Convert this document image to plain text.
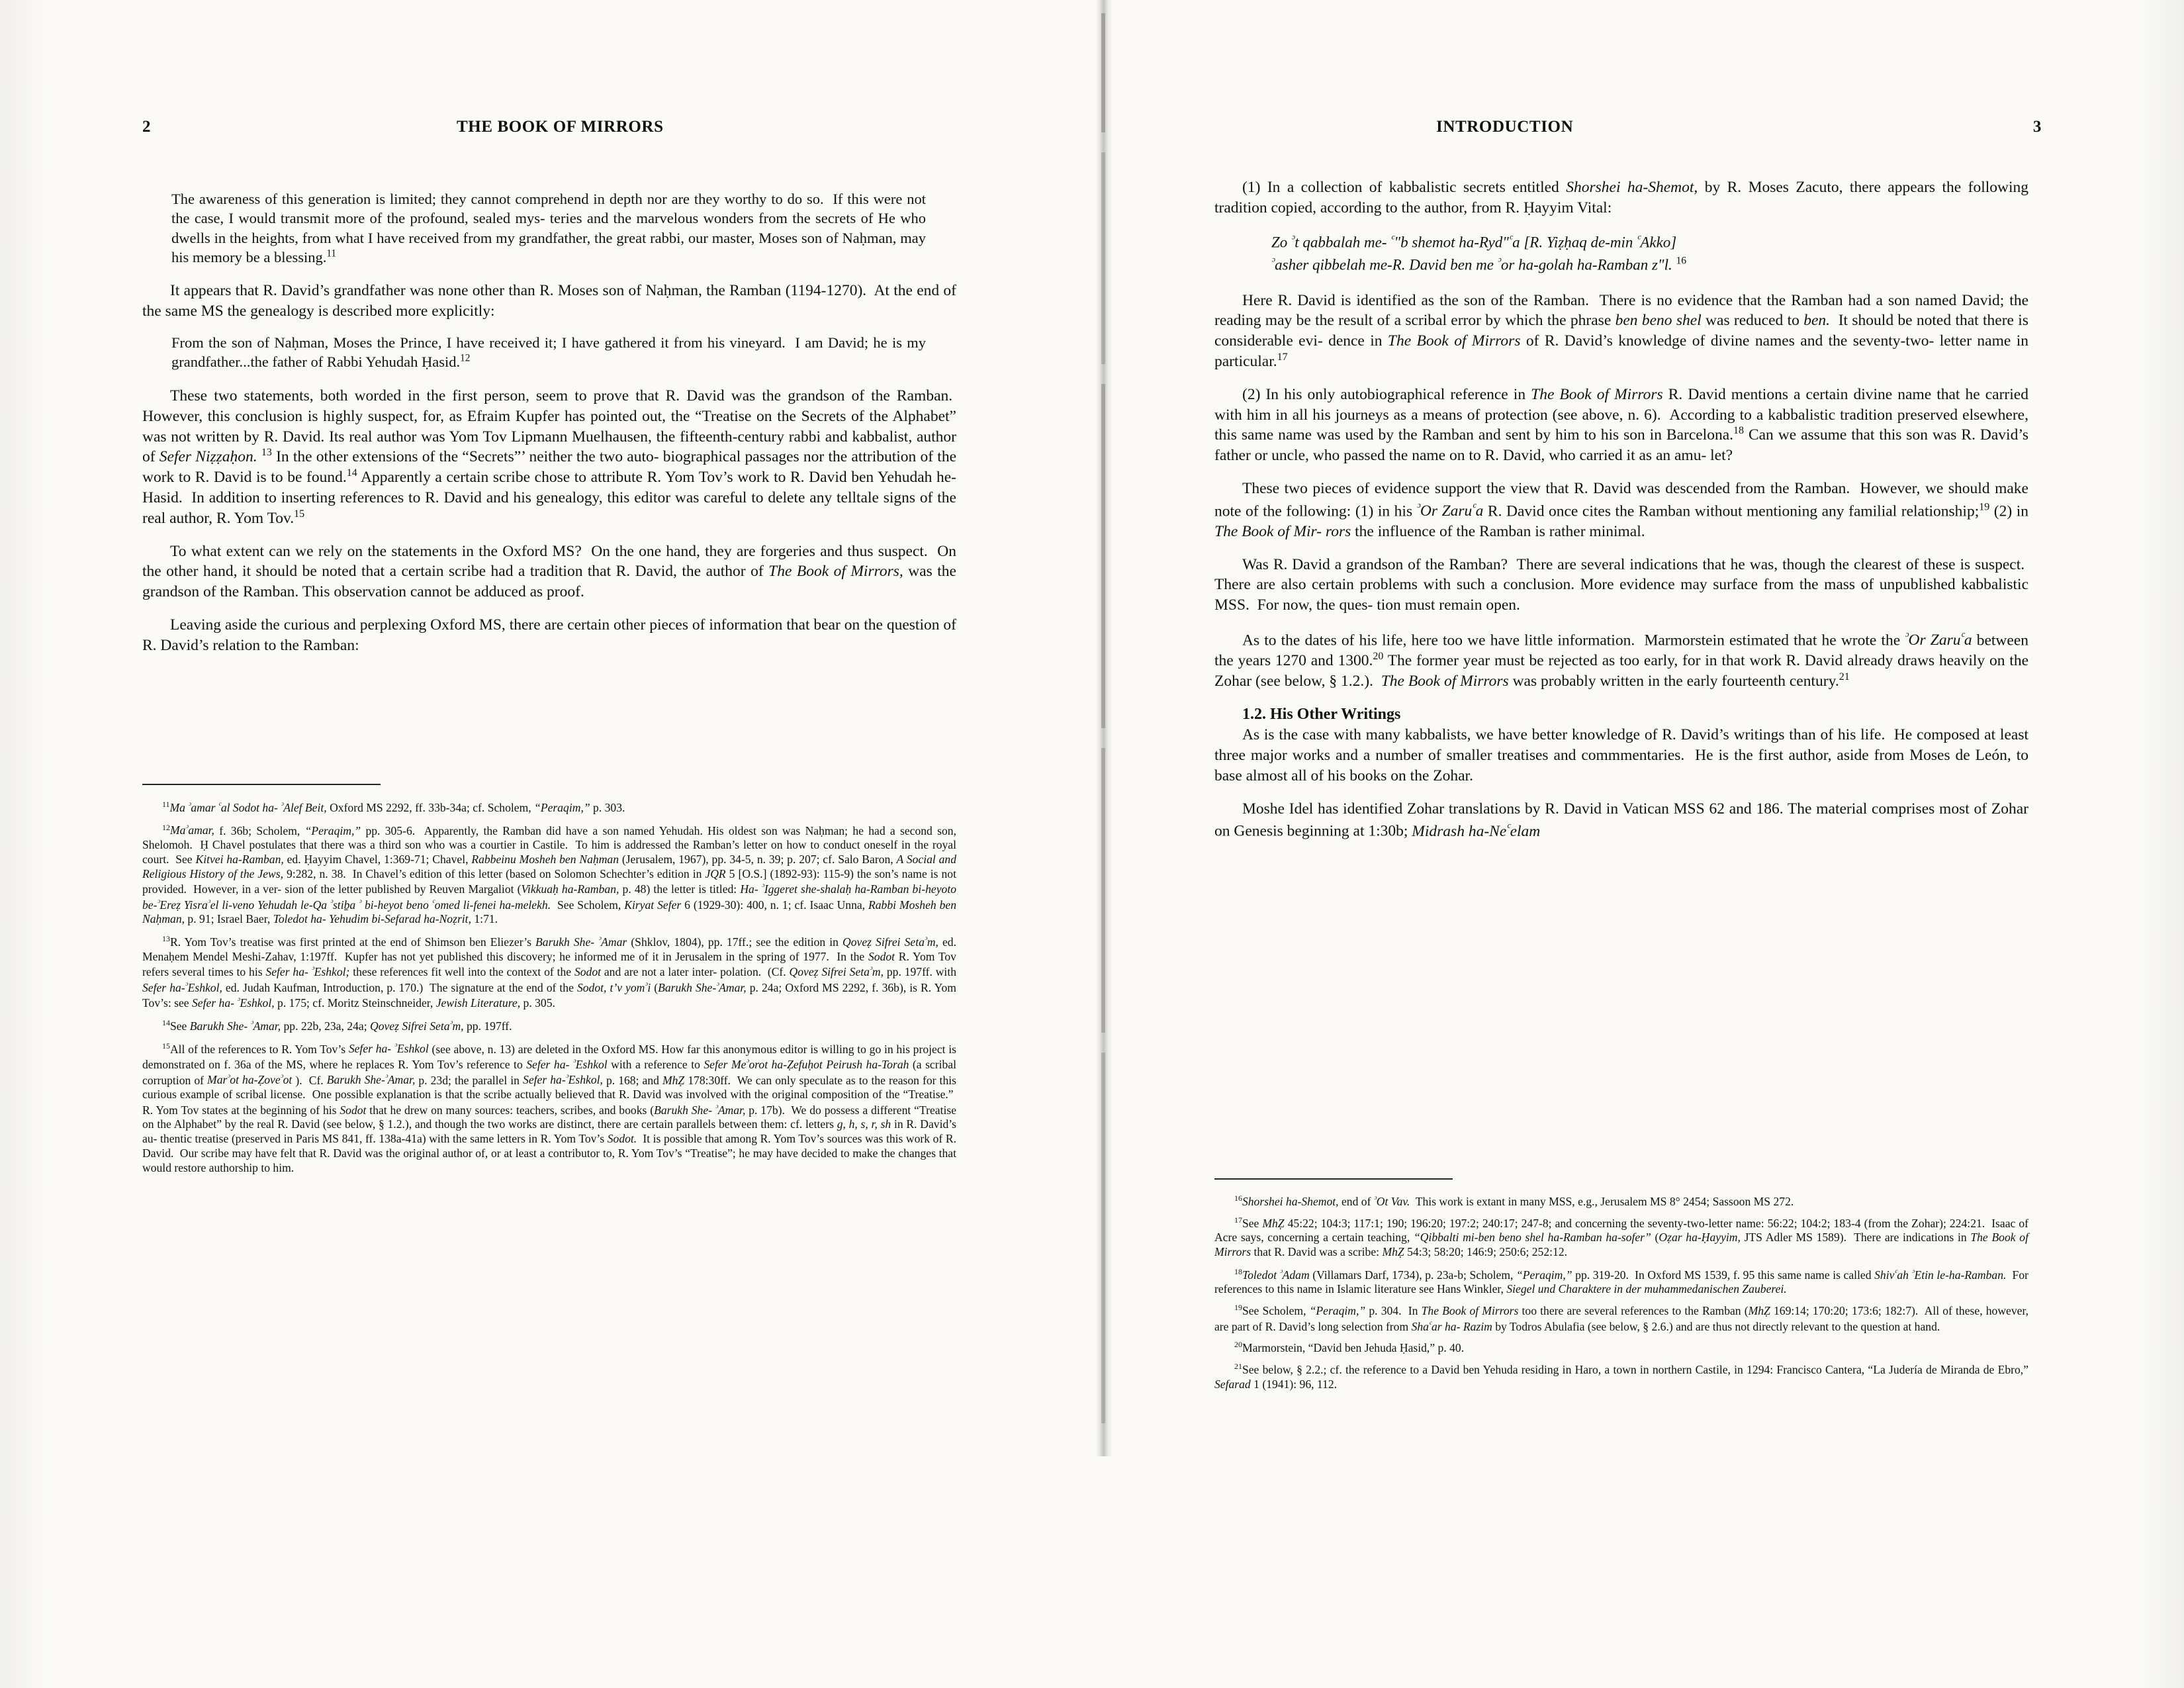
2	THE BOOK OF MIRRORS
The awareness of this generation is limited; they cannot comprehend in depth nor are they worthy to do so.  If this were not the case, I would transmit more of the profound, sealed mys- teries and the marvelous wonders from the secrets of He who dwells in the heights, from what I have received from my grandfather, the great rabbi, our master, Moses son of Naḥman, may his memory be a blessing.$^{11}$

It appears that R. David’s grandfather was none other than R. Moses son of Naḥman, the Ramban (1194-1270).  At the end of the same MS the genealogy is described more explicitly:

From the son of Naḥman, Moses the Prince, I have received it; I have gathered it from his vineyard.  I am David; he is my grandfather...the father of Rabbi Yehudah Ḥasid.$^{12}$

These two statements, both worded in the first person, seem to prove that R. David was the grandson of the Ramban.  However, this conclusion is highly suspect, for, as Efraim Kupfer has pointed out, the “Treatise on the Secrets of the Alphabet” was not written by R. David. Its real author was Yom Tov Lipmann Muelhausen, the fifteenth-century rabbi and kabbalist, author of Sefer Niẓẓaḥon. $^{13}$ In the other extensions of the “Secrets”’ neither the two auto- biographical passages nor the attribution of the work to R. David is to be found.$^{14}$ Apparently a certain scribe chose to attribute R. Yom Tov’s work to R. David ben Yehudah he-Hasid.  In addition to inserting references to R. David and his genealogy, this editor was careful to delete any telltale signs of the real author, R. Yom Tov.$^{15}$

To what extent can we rely on the statements in the Oxford MS?  On the one hand, they are forgeries and thus suspect.  On the other hand, it should be noted that a certain scribe had a tradition that R. David, the author of The Book of Mirrors, was the grandson of the Ramban. This observation cannot be adduced as proof.

Leaving aside the curious and perplexing Oxford MS, there are certain other pieces of information that bear on the question of R. David’s relation to the Ramban:

$^{11}$Ma ᵓamar ᶜal Sodot ha- ᵓAlef Beit, Oxford MS 2292, ff. 33b-34a; cf. Scholem, “Peraqim,” p. 303.

$^{12}$Maᵓamar, f. 36b; Scholem, “Peraqim,” pp. 305-6.  Apparently, the Ramban did have a son named Yehudah. His oldest son was Naḥman; he had a second son, Shelomoh.  Ḥ Chavel postulates that there was a third son who was a courtier in Castile.  To him is addressed the Ramban’s letter on how to conduct oneself in the royal court.  See Kitvei ha-Ramban, ed. Ḥayyim Chavel, 1:369-71; Chavel, Rabbeinu Mosheh ben Naḥman (Jerusalem, 1967), pp. 34-5, n. 39; p. 207; cf. Salo Baron, A Social and Religious History of the Jews, 9:282, n. 38.  In Chavel’s edition of this letter (based on Solomon Schechter’s edition in JQR 5 [O.S.] (1892-93): 115-9) the son’s name is not provided.  However, in a ver- sion of the letter published by Reuven Margaliot (Vikkuaḥ ha-Ramban, p. 48) the letter is titled: Ha- ᵓIggeret she-shalaḥ ha-Ramban bi-heyoto be-ᵓEreẓ Yisraᵓel li-veno Yehudah le-Qa ᵓstiḇa ᵓ bi-heyot beno ᶜomed li-fenei ha-melekh.  See Scholem, Kiryat Sefer 6 (1929-30): 400, n. 1; cf. Isaac Unna, Rabbi Mosheh ben Naḥman, p. 91; Israel Baer, Toledot ha- Yehudim bi-Sefarad ha-Noẓrit, 1:71.

$^{13}$R. Yom Tov’s treatise was first printed at the end of Shimson ben Eliezer’s Barukh She- ᵓAmar (Shklov, 1804), pp. 17ff.; see the edition in Qoveẓ Sifrei Setaᵓm, ed. Menaḥem Mendel Meshi-Zahav, 1:197ff.  Kupfer has not yet published this discovery; he informed me of it in Jerusalem in the spring of 1977.  In the Sodot R. Yom Tov refers several times to his Sefer ha- ᵓEshkol; these references fit well into the context of the Sodot and are not a later inter- polation.  (Cf. Qoveẓ Sifrei Setaᵓm, pp. 197ff. with Sefer ha-ᵓEshkol, ed. Judah Kaufman, Introduction, p. 170.)  The signature at the end of the Sodot, t’v yomᵓi (Barukh She-ᵓAmar, p. 24a; Oxford MS 2292, f. 36b), is R. Yom Tov’s: see Sefer ha- ᵓEshkol, p. 175; cf. Moritz Steinschneider, Jewish Literature, p. 305.

$^{14}$See Barukh She- ᵓAmar, pp. 22b, 23a, 24a; Qoveẓ Sifrei Setaᵓm, pp. 197ff.

$^{15}$All of the references to R. Yom Tov’s Sefer ha- ᵓEshkol (see above, n. 13) are deleted in the Oxford MS. How far this anonymous editor is willing to go in his project is demonstrated on f. 36a of the MS, where he replaces R. Yom Tov’s reference to Sefer ha- ᵓEshkol with a reference to Sefer Meᵓorot ha-Ẓefuḥot Peirush ha-Torah (a scribal corruption of Marᵓot ha-Ẓoveᵓot ).  Cf. Barukh She-ᵓAmar, p. 23d; the parallel in Sefer ha-ᵓEshkol, p. 168; and MhẒ 178:30ff.  We can only speculate as to the reason for this curious example of scribal license.  One possible explanation is that the scribe actually believed that R. David was involved with the original composition of the “Treatise.”  R. Yom Tov states at the beginning of his Sodot that he drew on many sources: teachers, scribes, and books (Barukh She- ᵓAmar, p. 17b).  We do possess a different “Treatise on the Alphabet” by the real R. David (see below, § 1.2.), and though the two works are distinct, there are certain parallels between them: cf. letters g, h, s, r, sh in R. David’s au- thentic treatise (preserved in Paris MS 841, ff. 138a-41a) with the same letters in R. Yom Tov’s Sodot.  It is possible that among R. Yom Tov’s sources was this work of R. David.  Our scribe may have felt that R. David was the original author of, or at least a contributor to, R. Yom Tov’s “Treatise”; he may have decided to make the changes that would restore authorship to him.

INTRODUCTION	3

(1) In a collection of kabbalistic secrets entitled Shorshei ha-Shemot, by R. Moses Zacuto, there appears the following tradition copied, according to the author, from R. Ḥayyim Vital:

Zo ᵓt qabbalah me- ᶜ"b shemot ha-Ryd"ᶜa [R. Yiẓḥaq de-min ᶜAkko]
ᵓasher qibbelah me-R. David ben me ᵓor ha-golah ha-Ramban z"l. $^{16}$

Here R. David is identified as the son of the Ramban.  There is no evidence that the Ramban had a son named David; the reading may be the result of a scribal error by which the phrase ben beno shel was reduced to ben.  It should be noted that there is considerable evi- dence in The Book of Mirrors of R. David’s knowledge of divine names and the seventy-two- letter name in particular.$^{17}$

(2) In his only autobiographical reference in The Book of Mirrors R. David mentions a certain divine name that he carried with him in all his journeys as a means of protection (see above, n. 6).  According to a kabbalistic tradition preserved elsewhere, this same name was used by the Ramban and sent by him to his son in Barcelona.$^{18}$ Can we assume that this son was R. David’s father or uncle, who passed the name on to R. David, who carried it as an amu- let?

These two pieces of evidence support the view that R. David was descended from the Ramban.  However, we should make note of the following: (1) in his ᵓOr Zaruᶜa R. David once cites the Ramban without mentioning any familial relationship;$^{19}$ (2) in The Book of Mir- rors the influence of the Ramban is rather minimal.

Was R. David a grandson of the Ramban?  There are several indications that he was, though the clearest of these is suspect.  There are also certain problems with such a conclusion. More evidence may surface from the mass of unpublished kabbalistic MSS.  For now, the ques- tion must remain open.

As to the dates of his life, here too we have little information.  Marmorstein estimated that he wrote the ᵓOr Zaruᶜa between the years 1270 and 1300.20 The former year must be rejected as too early, for in that work R. David already draws heavily on the Zohar (see below, § 1.2.).  The Book of Mirrors was probably written in the early fourteenth century.$^{21}$

1.2. His Other Writings

As is the case with many kabbalists, we have better knowledge of R. David’s writings than of his life.  He composed at least three major works and a number of smaller treatises and commmentaries.  He is the first author, aside from Moses de León, to base almost all of his books on the Zohar.

Moshe Idel has identified Zohar translations by R. David in Vatican MSS 62 and 186. The material comprises most of Zohar on Genesis beginning at 1:30b; Midrash ha-Neᶜelam

$^{16}$Shorshei ha-Shemot, end of ᵓOt Vav.  This work is extant in many MSS, e.g., Jerusalem MS 8° 2454; Sassoon MS 272.

$^{17}$See MhẒ 45:22; 104:3; 117:1; 190; 196:20; 197:2; 240:17; 247-8; and concerning the seventy-two-letter name: 56:22; 104:2; 183-4 (from the Zohar); 224:21.  Isaac of Acre says, concerning a certain teaching, “Qibbalti mi-ben beno shel ha-Ramban ha-sofer” (Oẓar ha-Ḥayyim, JTS Adler MS 1589).  There are indications in The Book of Mirrors that R. David was a scribe: MhẒ 54:3; 58:20; 146:9; 250:6; 252:12.

$^{18}$Toledot ᵓAdam (Villamars Darf, 1734), p. 23a-b; Scholem, “Peraqim,” pp. 319-20.  In Oxford MS 1539, f. 95 this same name is called Shivᶜah ᵓEtin le-ha-Ramban.  For references to this name in Islamic literature see Hans Winkler, Siegel und Charaktere in der muhammedanischen Zauberei.

$^{19}$See Scholem, “Peraqim,” p. 304.  In The Book of Mirrors too there are several references to the Ramban (MhẒ 169:14; 170:20; 173:6; 182:7).  All of these, however, are part of R. David’s long selection from Shaᶜar ha- Razim by Todros Abulafia (see below, § 2.6.) and are thus not directly relevant to the question at hand.

$^{20}$Marmorstein, “David ben Jehuda Ḥasid,” p. 40.

$^{21}$See below, § 2.2.; cf. the reference to a David ben Yehuda residing in Haro, a town in northern Castile, in 1294: Francisco Cantera, “La Judería de Miranda de Ebro,” Sefarad 1 (1941): 96, 112.
